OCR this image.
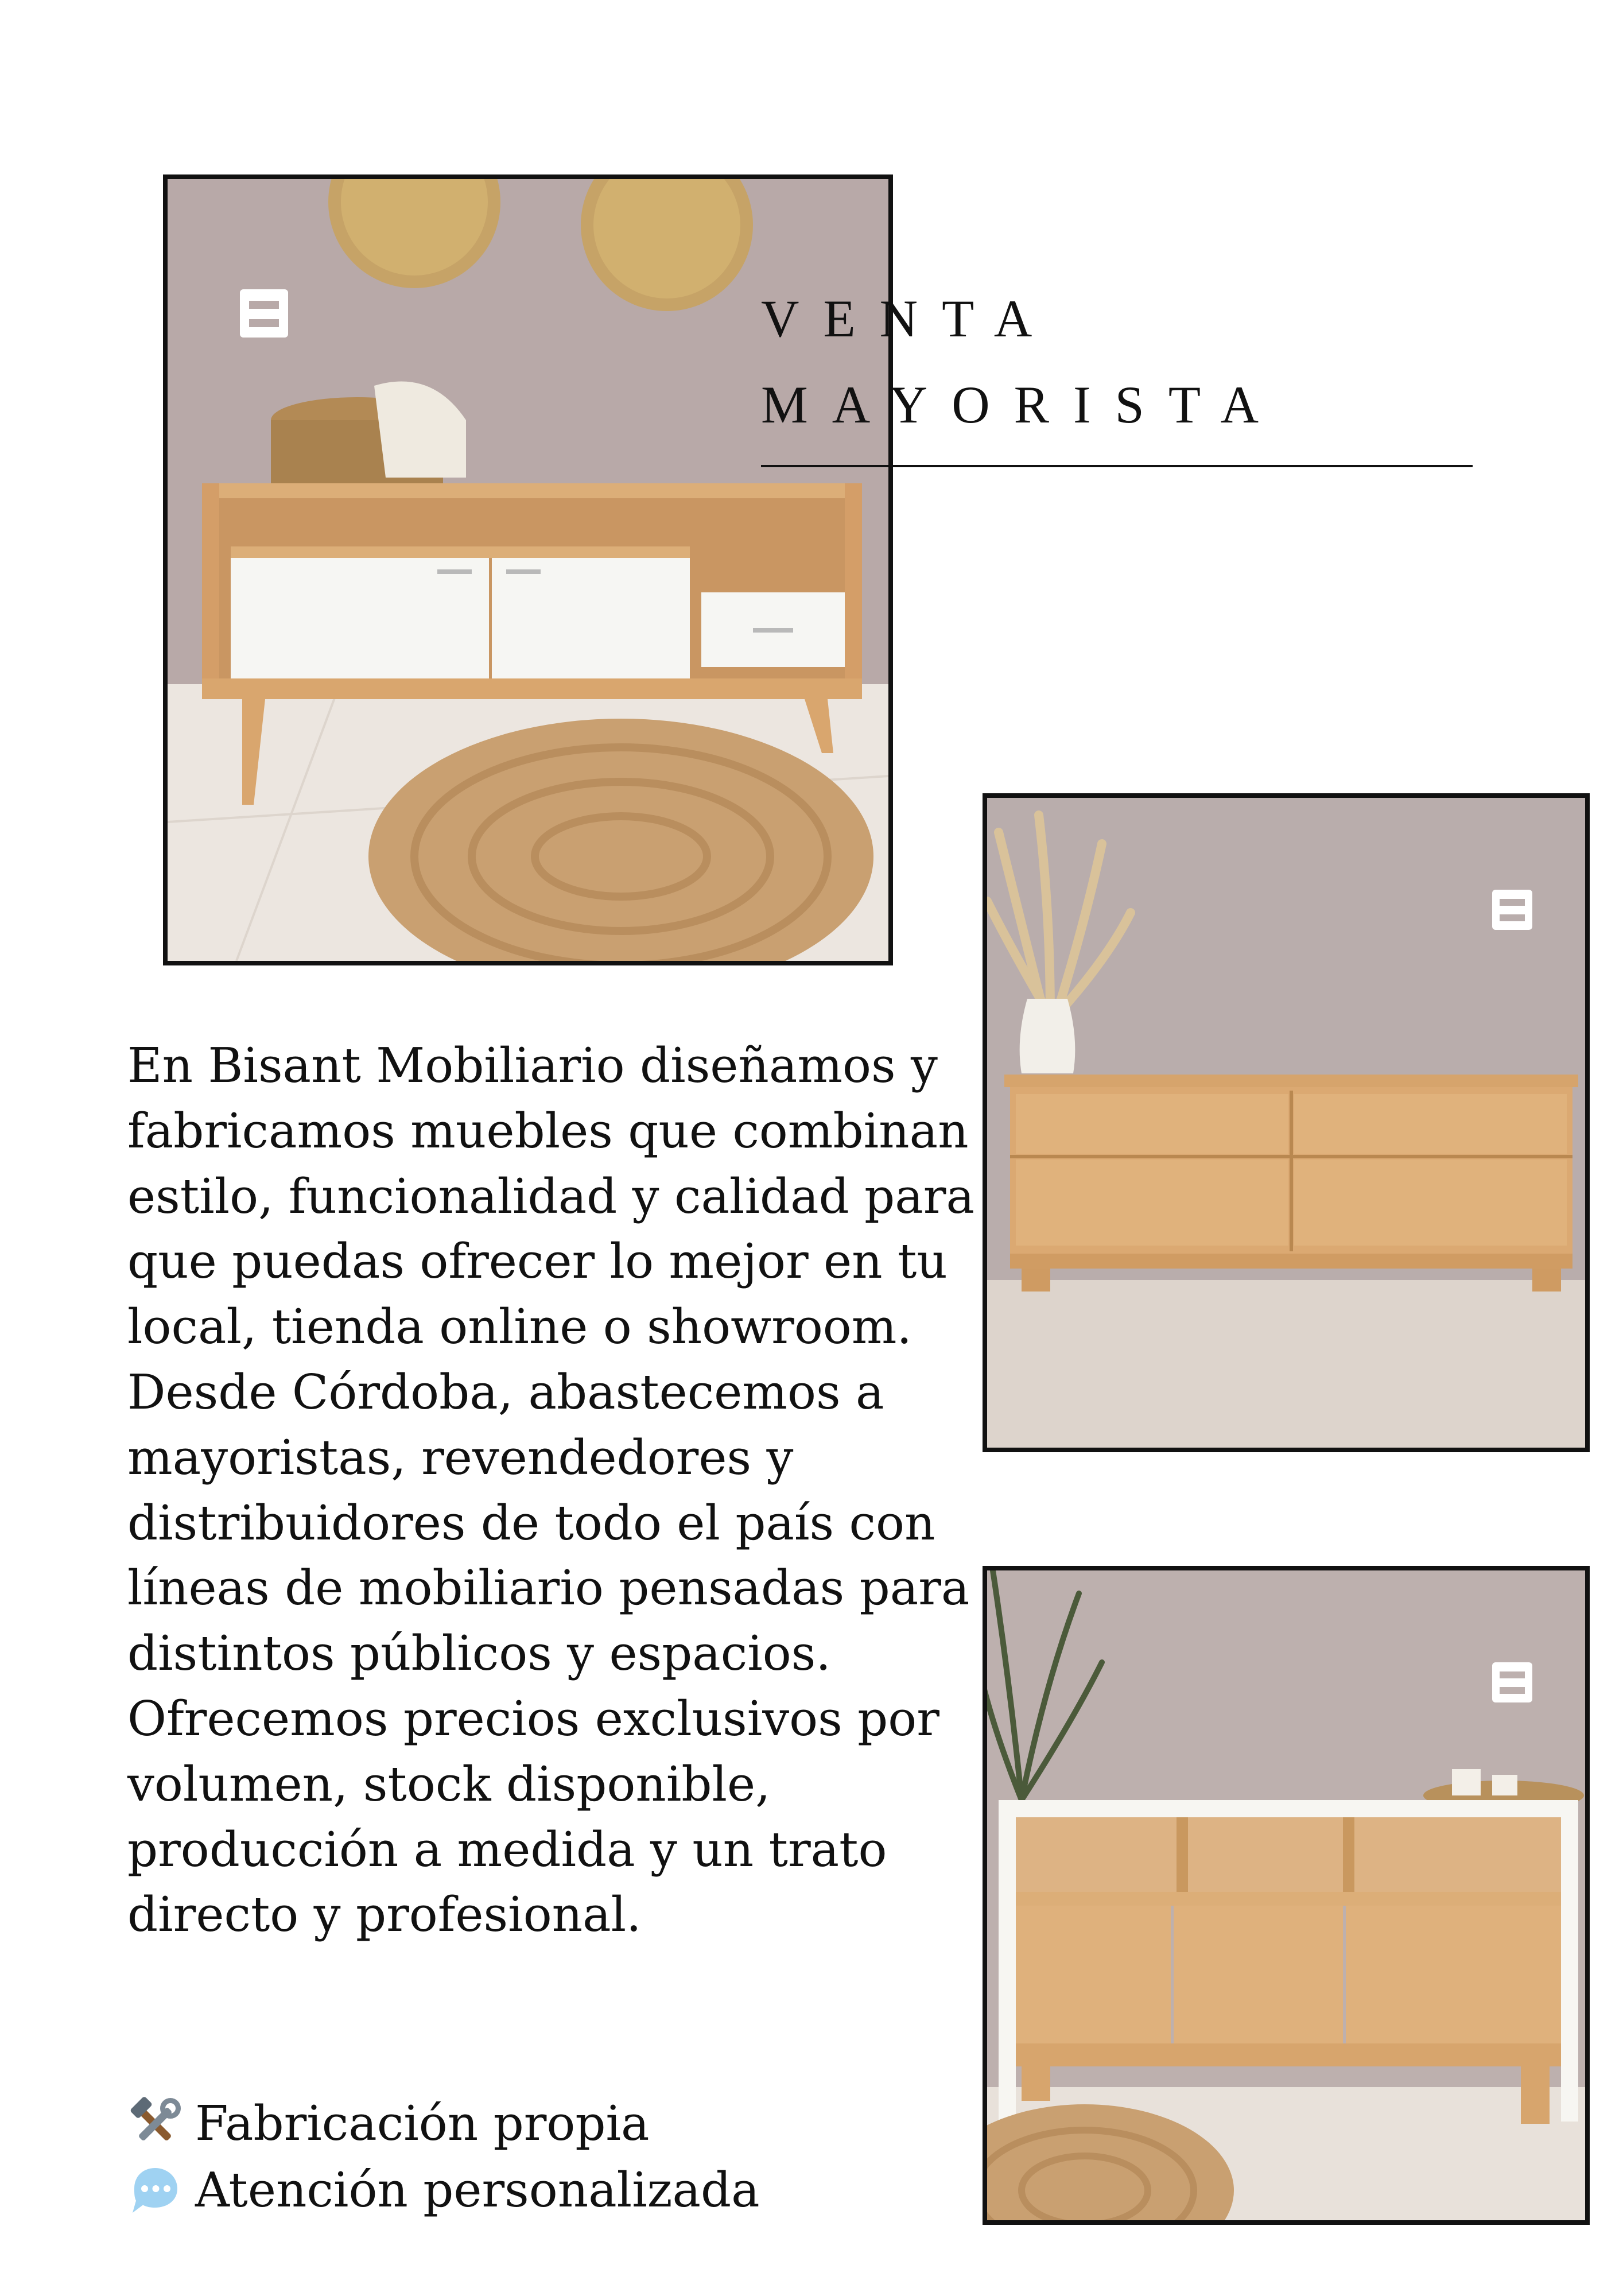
VENTA
MAYORISTA
En Bisant Mobiliario diseñamos y fabricamos muebles que combinan estilo, funcionalidad y calidad para que puedas ofrecer lo mejor en tu local, tienda online o showroom. Desde Córdoba, abastecemos a mayoristas, revendedores y distribuidores de todo el país con líneas de mobiliario pensadas para distintos públicos y espacios. Ofrecemos precios exclusivos por volumen, stock disponible, producción a medida y un trato directo y profesional.
Fabricación propia
Atención personalizada
